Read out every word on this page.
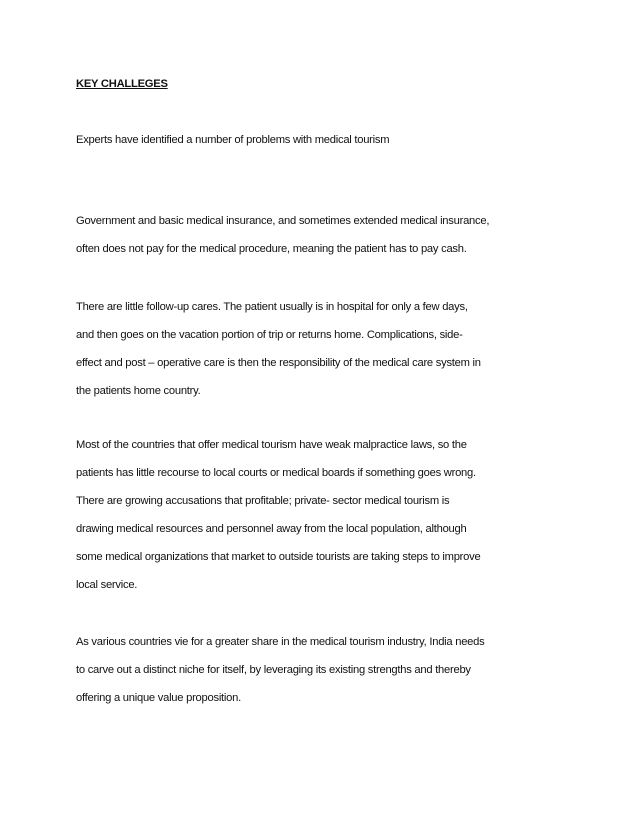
KEY CHALLEGES
Experts have identified a number of problems with medical tourism
Government and basic medical insurance, and sometimes extended medical insurance,
often does not pay for the medical procedure, meaning the patient has to pay cash.
There are little follow-up cares. The patient usually is in hospital for only a few days,
and then goes on the vacation portion of trip or returns home. Complications, side-
effect and post – operative care is then the responsibility of the medical care system in
the patients home country.
Most of the countries that offer medical tourism have weak malpractice laws, so the
patients has little recourse to local courts or medical boards if something goes wrong.
There are growing accusations that profitable; private- sector medical tourism is
drawing medical resources and personnel away from the local population, although
some medical organizations that market to outside tourists are taking steps to improve
local service.
As various countries vie for a greater share in the medical tourism industry, India needs
to carve out a distinct niche for itself, by leveraging its existing strengths and thereby
offering a unique value proposition.
